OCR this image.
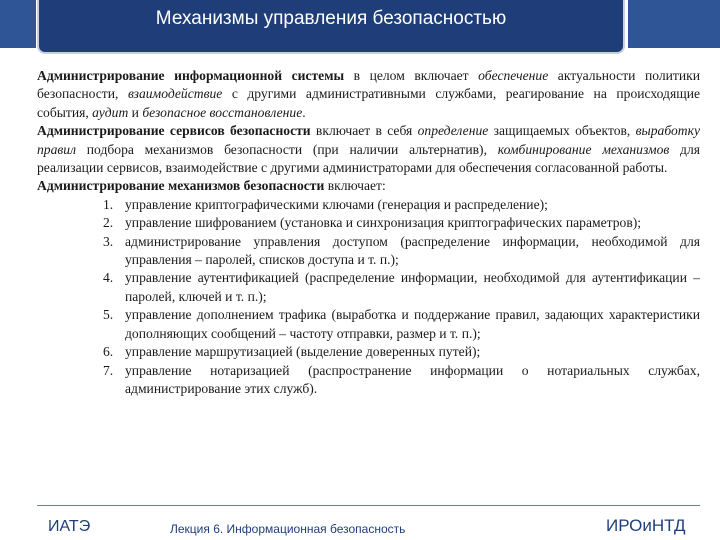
Механизмы управления безопасностью

Администрирование информационной системы в целом включает обеспечение актуальности политики безопасности, взаимодействие с другими административными службами, реагирование на происходящие события, аудит и безопасное восстановление.

Администрирование сервисов безопасности включает в себя определение защищаемых объектов, выработку правил подбора механизмов безопасности (при наличии альтернатив), комбинирование механизмов для реализации сервисов, взаимодействие с другими администраторами для обеспечения согласованной работы.

Администрирование механизмов безопасности включает:

1. управление криптографическими ключами (генерация и распределение);
2. управление шифрованием (установка и синхронизация криптографических параметров);
3. администрирование управления доступом (распределение информации, необходимой для управления – паролей, списков доступа и т. п.);
4. управление аутентификацией (распределение информации, необходимой для аутентификации – паролей, ключей и т. п.);
5. управление дополнением трафика (выработка и поддержание правил, задающих характеристики дополняющих сообщений – частоту отправки, размер и т. п.);
6. управление маршрутизацией (выделение доверенных путей);
7. управление нотаризацией (распространение информации о нотариальных службах, администрирование этих служб).
ИАТЭ	Лекция 6. Информационная безопасность	ИРОиНТД
